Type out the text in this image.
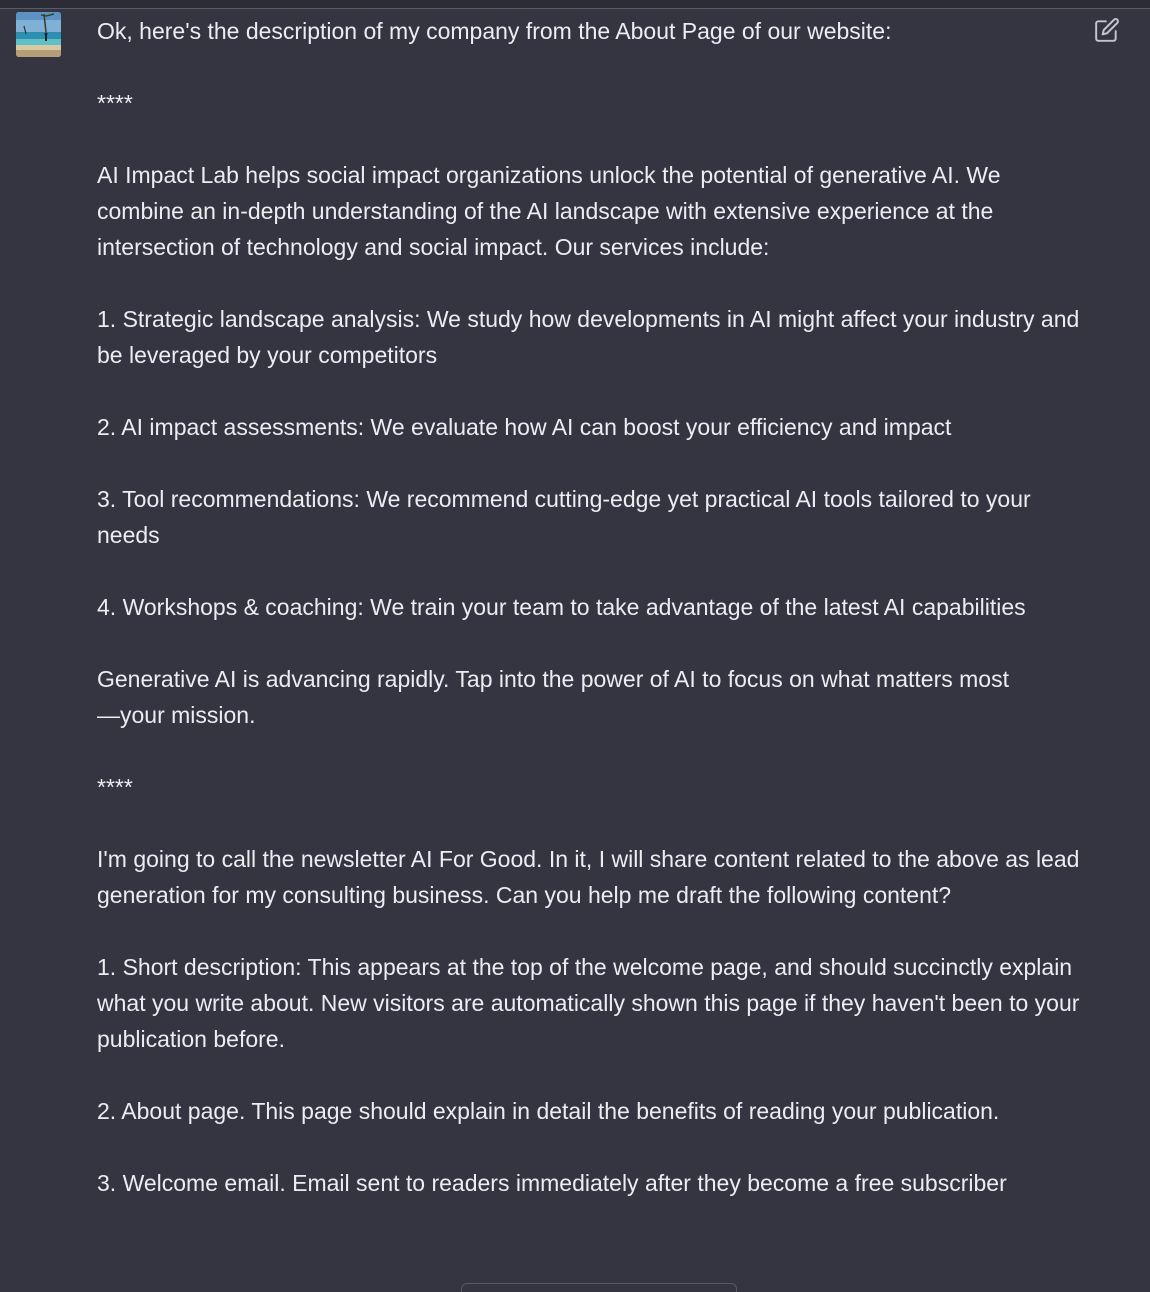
Ok, here's the description of my company from the About Page of our website:

****

AI Impact Lab helps social impact organizations unlock the potential of generative AI. We combine an in-depth understanding of the AI landscape with extensive experience at the intersection of technology and social impact. Our services include:

1. Strategic landscape analysis: We study how developments in AI might affect your industry and be leveraged by your competitors

2. AI impact assessments: We evaluate how AI can boost your efficiency and impact

3. Tool recommendations: We recommend cutting-edge yet practical AI tools tailored to your needs

4. Workshops & coaching: We train your team to take advantage of the latest AI capabilities

Generative AI is advancing rapidly. Tap into the power of AI to focus on what matters most
—your mission.

****

I'm going to call the newsletter AI For Good. In it, I will share content related to the above as lead generation for my consulting business. Can you help me draft the following content?

1. Short description: This appears at the top of the welcome page, and should succinctly explain what you write about. New visitors are automatically shown this page if they haven't been to your publication before.

2. About page. This page should explain in detail the benefits of reading your publication.

3. Welcome email. Email sent to readers immediately after they become a free subscriber
